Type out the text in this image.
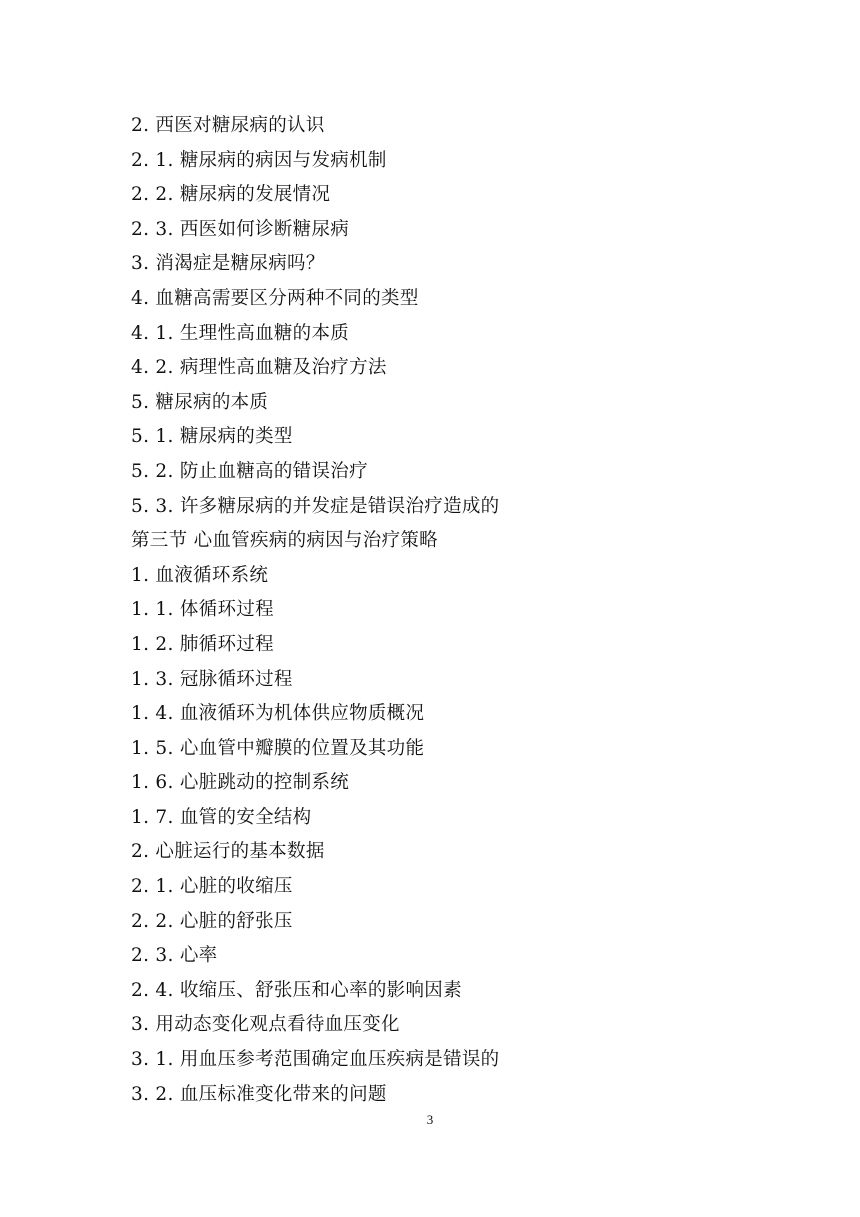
2. 西医对糖尿病的认识
2. 1. 糖尿病的病因与发病机制
2. 2. 糖尿病的发展情况
2. 3. 西医如何诊断糖尿病
3. 消渴症是糖尿病吗？
4. 血糖高需要区分两种不同的类型
4. 1. 生理性高血糖的本质
4. 2. 病理性高血糖及治疗方法
5. 糖尿病的本质
5. 1. 糖尿病的类型
5. 2. 防止血糖高的错误治疗
5. 3. 许多糖尿病的并发症是错误治疗造成的
第三节 心血管疾病的病因与治疗策略
1. 血液循环系统
1. 1. 体循环过程
1. 2. 肺循环过程
1. 3. 冠脉循环过程
1. 4. 血液循环为机体供应物质概况
1. 5. 心血管中瓣膜的位置及其功能
1. 6. 心脏跳动的控制系统
1. 7. 血管的安全结构
2. 心脏运行的基本数据
2. 1. 心脏的收缩压
2. 2. 心脏的舒张压
2. 3. 心率
2. 4. 收缩压、舒张压和心率的影响因素
3. 用动态变化观点看待血压变化
3. 1. 用血压参考范围确定血压疾病是错误的
3. 2. 血压标准变化带来的问题
3
